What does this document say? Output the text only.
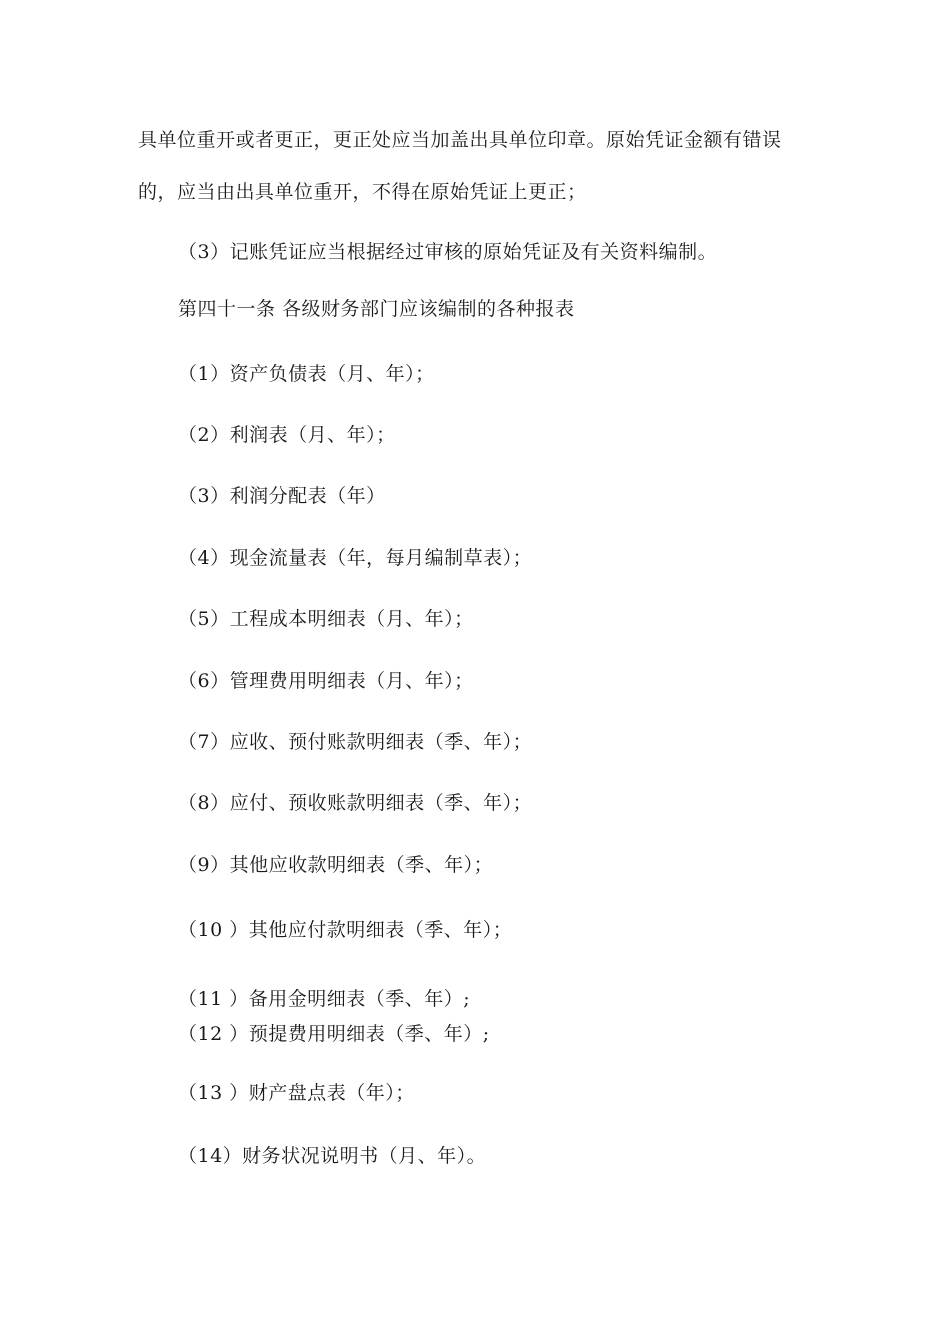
具单位重开或者更正，更正处应当加盖出具单位印章。原始凭证金额有错误
的，应当由出具单位重开，不得在原始凭证上更正；
（3）记账凭证应当根据经过审核的原始凭证及有关资料编制。
第四十一条 各级财务部门应该编制的各种报表
（1）资产负债表（月、年）；
（2）利润表（月、年）；
（3）利润分配表（年）
（4）现金流量表（年，每月编制草表）；
（5）工程成本明细表（月、年）；
（6）管理费用明细表（月、年）；
（7）应收、预付账款明细表（季、年）；
（8）应付、预收账款明细表（季、年）；
（9）其他应收款明细表（季、年）；
（10 ）其他应付款明细表（季、年）；
（11 ）备用金明细表（季、年）;
（12 ）预提费用明细表（季、年）;
（13 ）财产盘点表（年）；
（14）财务状况说明书（月、年）。
